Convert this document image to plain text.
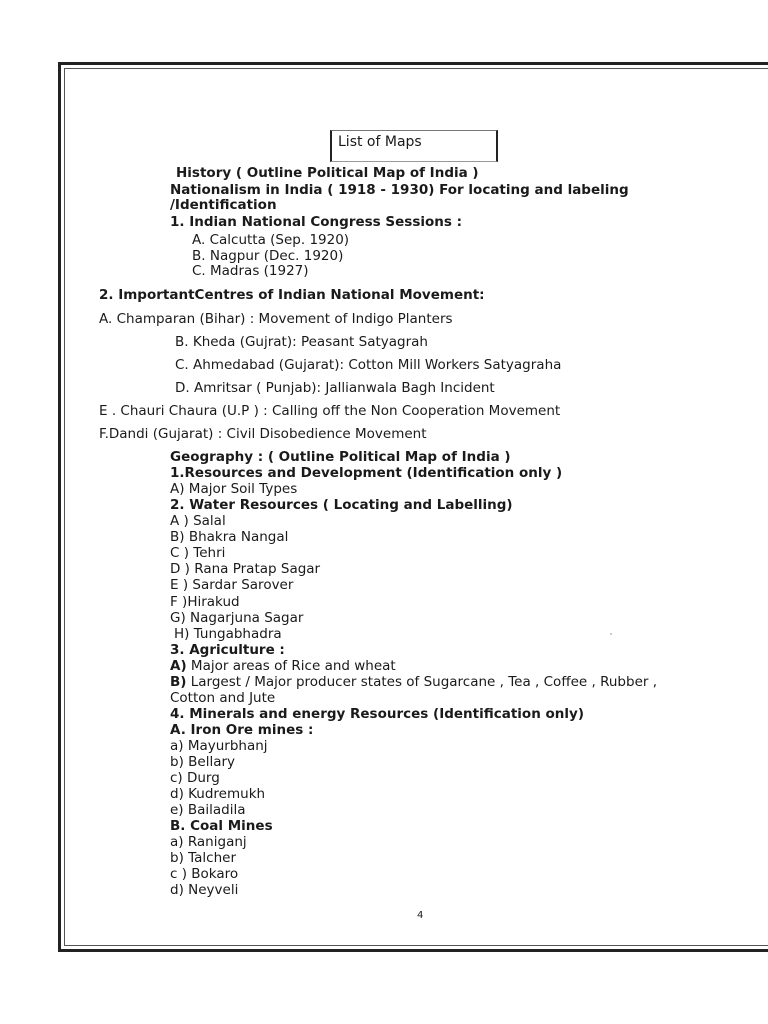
List of Maps
History ( Outline Political Map of India )
Nationalism in India ( 1918 - 1930) For locating and labeling
/Identification
1. Indian National Congress Sessions :
A. Calcutta (Sep. 1920)
B. Nagpur (Dec. 1920)
C. Madras (1927)
2. ImportantCentres of Indian National Movement:
A. Champaran (Bihar) : Movement of Indigo Planters
B. Kheda (Gujrat): Peasant Satyagrah
C. Ahmedabad (Gujarat): Cotton Mill Workers Satyagraha
D. Amritsar ( Punjab): Jallianwala Bagh Incident
E . Chauri Chaura (U.P ) : Calling off the Non Cooperation Movement
F.Dandi (Gujarat) : Civil Disobedience Movement
Geography : ( Outline Political Map of India )
1.Resources and Development (Identification only )
A) Major Soil Types
2. Water Resources ( Locating and Labelling)
A ) Salal
B) Bhakra Nangal
C ) Tehri
D ) Rana Pratap Sagar
E ) Sardar Sarover
F )Hirakud
G) Nagarjuna Sagar
H) Tungabhadra
3. Agriculture :
A) Major areas of Rice and wheat
B) Largest / Major producer states of Sugarcane , Tea , Coffee , Rubber ,
Cotton and Jute
4. Minerals and energy Resources (Identification only)
A. Iron Ore mines :
a) Mayurbhanj
b) Bellary
c) Durg
d) Kudremukh
e) Bailadila
B. Coal Mines
a) Raniganj
b) Talcher
c ) Bokaro
d) Neyveli
4
